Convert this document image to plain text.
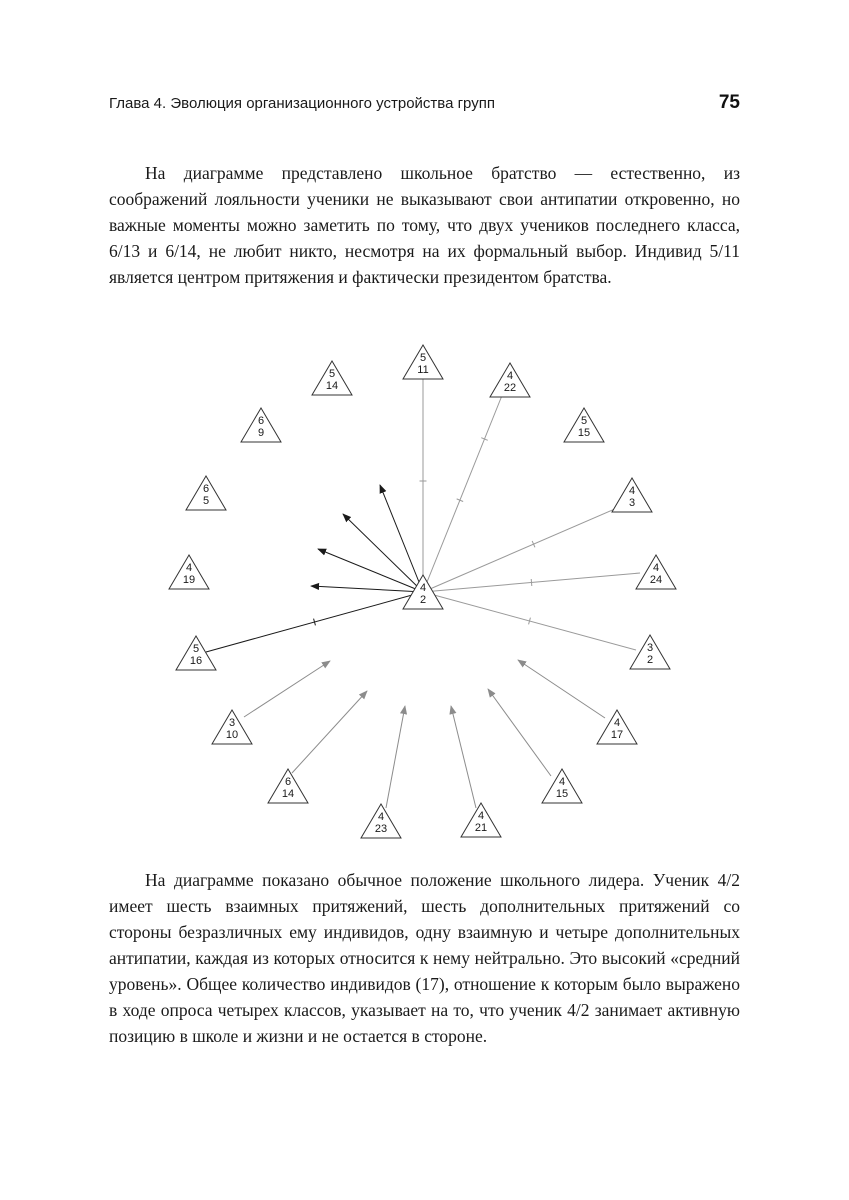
Глава 4. Эволюция организационного устройства групп	75

На диаграмме представлено школьное братство — естественно, из соображений лояльности ученики не выказывают свои антипатии откровенно, но важные моменты можно заметить по тому, что двух учеников последнего класса, 6/13 и 6/14, не любит никто, несмотря на их формальный выбор. Индивид 5/11 является центром притяжения и фактически президентом братства.

5
11	4
22
5
15
4
3
4
24
3
2
4
17
4
15
4
21
4
23
6
14
3
10
5
16
4
19
6
5
6
9
5
14
4
2

На диаграмме показано обычное положение школьного лидера. Ученик 4/2 имеет шесть взаимных притяжений, шесть дополнительных притяжений со стороны безразличных ему индивидов, одну взаимную и четыре дополнительных антипатии, каждая из которых относится к нему нейтрально. Это высокий «средний уровень». Общее количество индивидов (17), отношение к которым было выражено в ходе опроса четырех классов, указывает на то, что ученик 4/2 занимает активную позицию в школе и жизни и не остается в стороне.
